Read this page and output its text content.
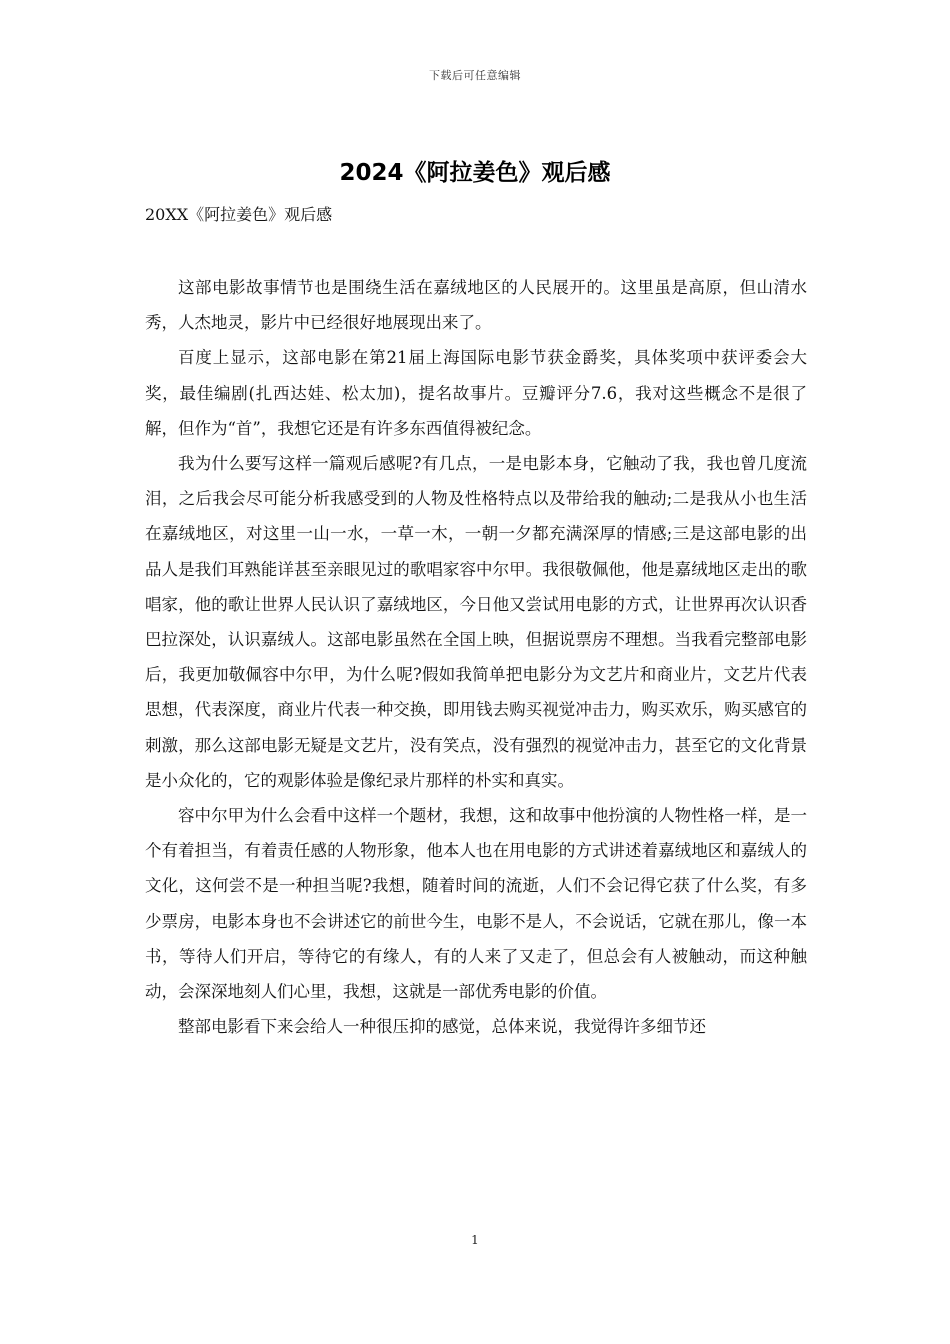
下载后可任意编辑
2024《阿拉姜色》观后感

20XX《阿拉姜色》观后感

这部电影故事情节也是围绕生活在嘉绒地区的人民展开的。这里虽是高原，但山清水秀，人杰地灵，影片中已经很好地展现出来了。

百度上显示，这部电影在第21届上海国际电影节获金爵奖，具体奖项中获评委会大奖，最佳编剧(扎西达娃、松太加)，提名故事片。豆瓣评分7.6，我对这些概念不是很了解，但作为“首”，我想它还是有许多东西值得被纪念。

我为什么要写这样一篇观后感呢?有几点，一是电影本身，它触动了我，我也曾几度流泪，之后我会尽可能分析我感受到的人物及性格特点以及带给我的触动;二是我从小也生活在嘉绒地区，对这里一山一水，一草一木，一朝一夕都充满深厚的情感;三是这部电影的出品人是我们耳熟能详甚至亲眼见过的歌唱家容中尔甲。我很敬佩他，他是嘉绒地区走出的歌唱家，他的歌让世界人民认识了嘉绒地区，今日他又尝试用电影的方式，让世界再次认识香巴拉深处，认识嘉绒人。这部电影虽然在全国上映，但据说票房不理想。当我看完整部电影后，我更加敬佩容中尔甲，为什么呢?假如我简单把电影分为文艺片和商业片，文艺片代表思想，代表深度，商业片代表一种交换，即用钱去购买视觉冲击力，购买欢乐，购买感官的刺激，那么这部电影无疑是文艺片，没有笑点，没有强烈的视觉冲击力，甚至它的文化背景是小众化的，它的观影体验是像纪录片那样的朴实和真实。

容中尔甲为什么会看中这样一个题材，我想，这和故事中他扮演的人物性格一样，是一个有着担当，有着责任感的人物形象，他本人也在用电影的方式讲述着嘉绒地区和嘉绒人的文化，这何尝不是一种担当呢?我想，随着时间的流逝，人们不会记得它获了什么奖，有多少票房，电影本身也不会讲述它的前世今生，电影不是人，不会说话，它就在那儿，像一本书，等待人们开启，等待它的有缘人，有的人来了又走了，但总会有人被触动，而这种触动，会深深地刻人们心里，我想，这就是一部优秀电影的价值。

整部电影看下来会给人一种很压抑的感觉，总体来说，我觉得许多细节还

1
